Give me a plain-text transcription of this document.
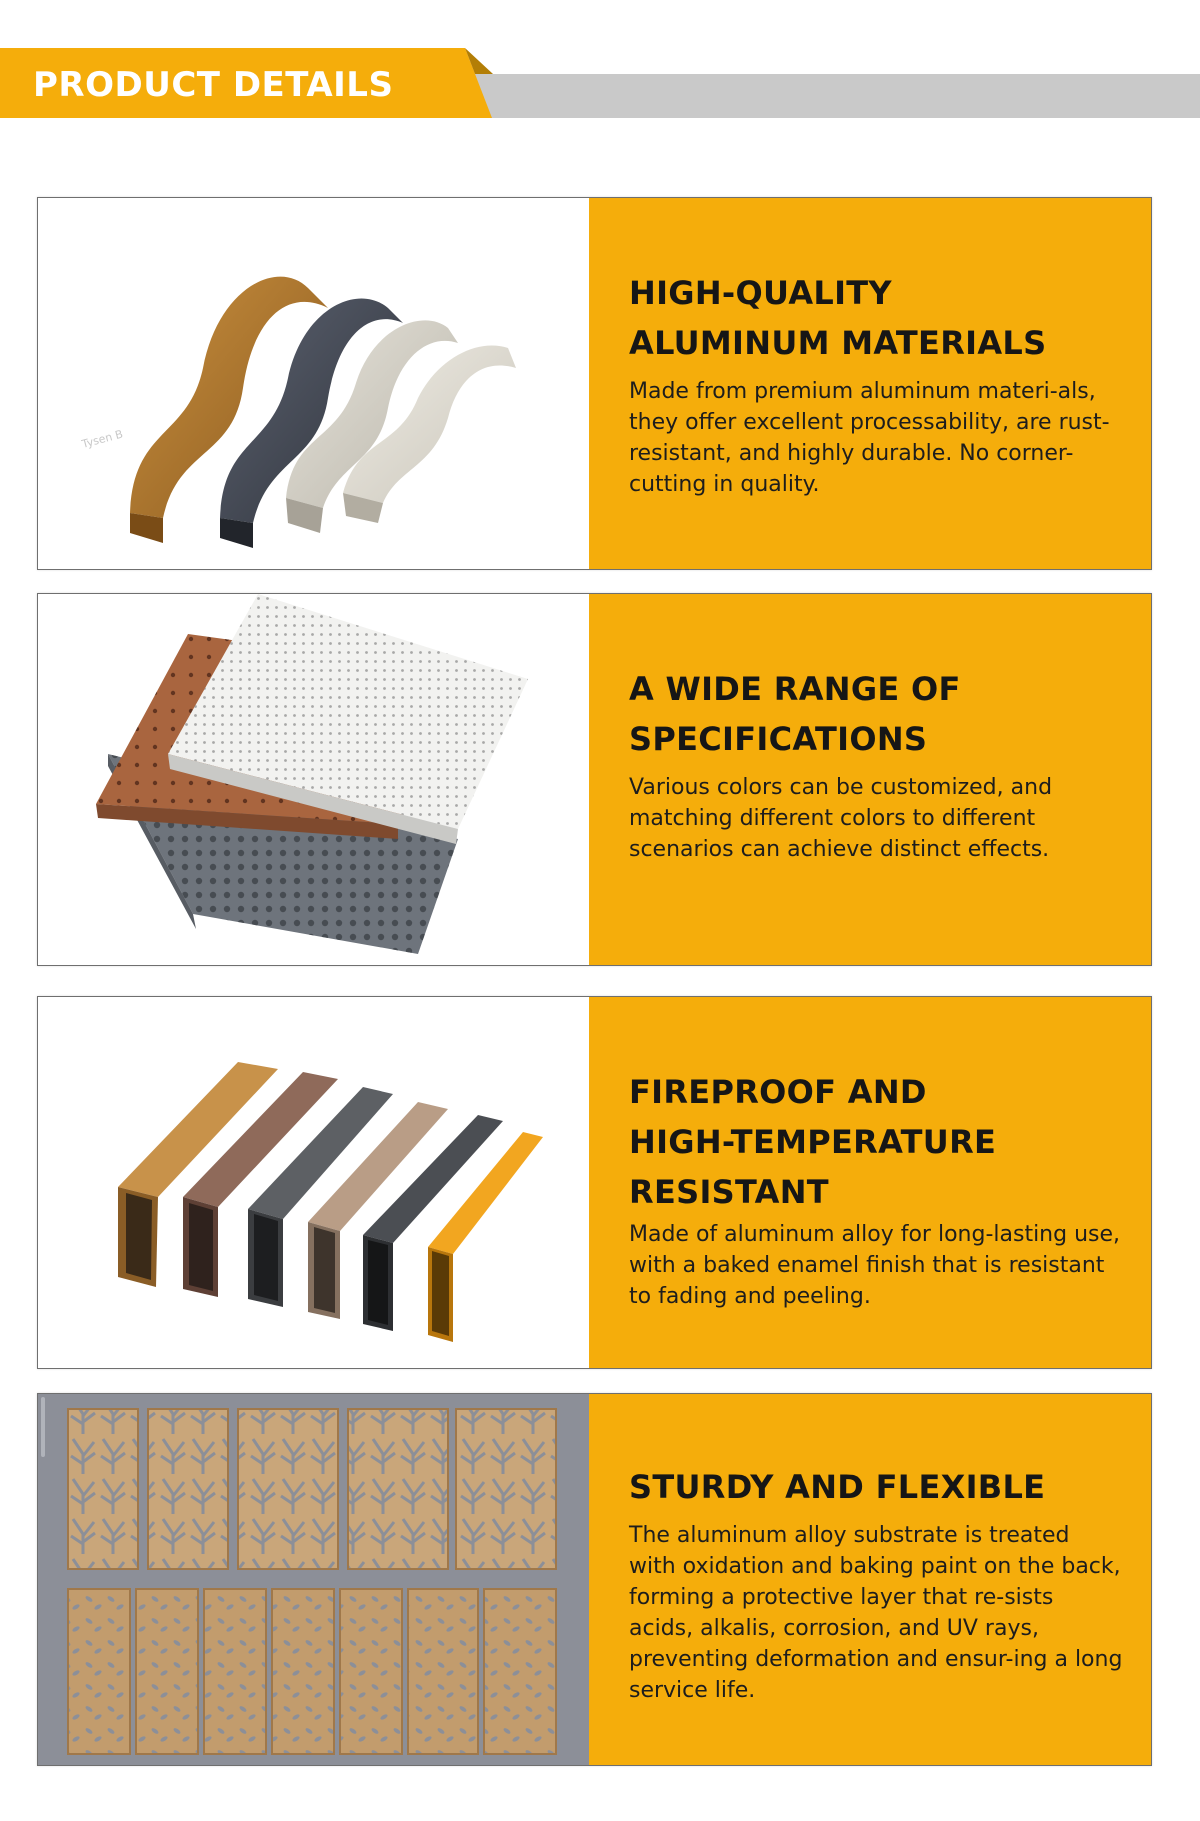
PRODUCT DETAILS
Tysen B
HIGH-QUALITY
ALUMINUM MATERIALS

Made from premium aluminum materi-als, they offer excellent processability, are rust-resistant, and highly durable. No corner-cutting in quality.

A WIDE RANGE OF
SPECIFICATIONS

Various colors can be customized, and matching different colors to different scenarios can achieve distinct effects.

FIREPROOF AND
HIGH-TEMPERATURE
RESISTANT

Made of aluminum alloy for long-lasting use, with a baked enamel finish that is resistant to fading and peeling.

STURDY AND FLEXIBLE

The aluminum alloy substrate is treated with oxidation and baking paint on the back, forming a protective layer that re-sists acids, alkalis, corrosion, and UV rays, preventing deformation and ensur-ing a long service life.
